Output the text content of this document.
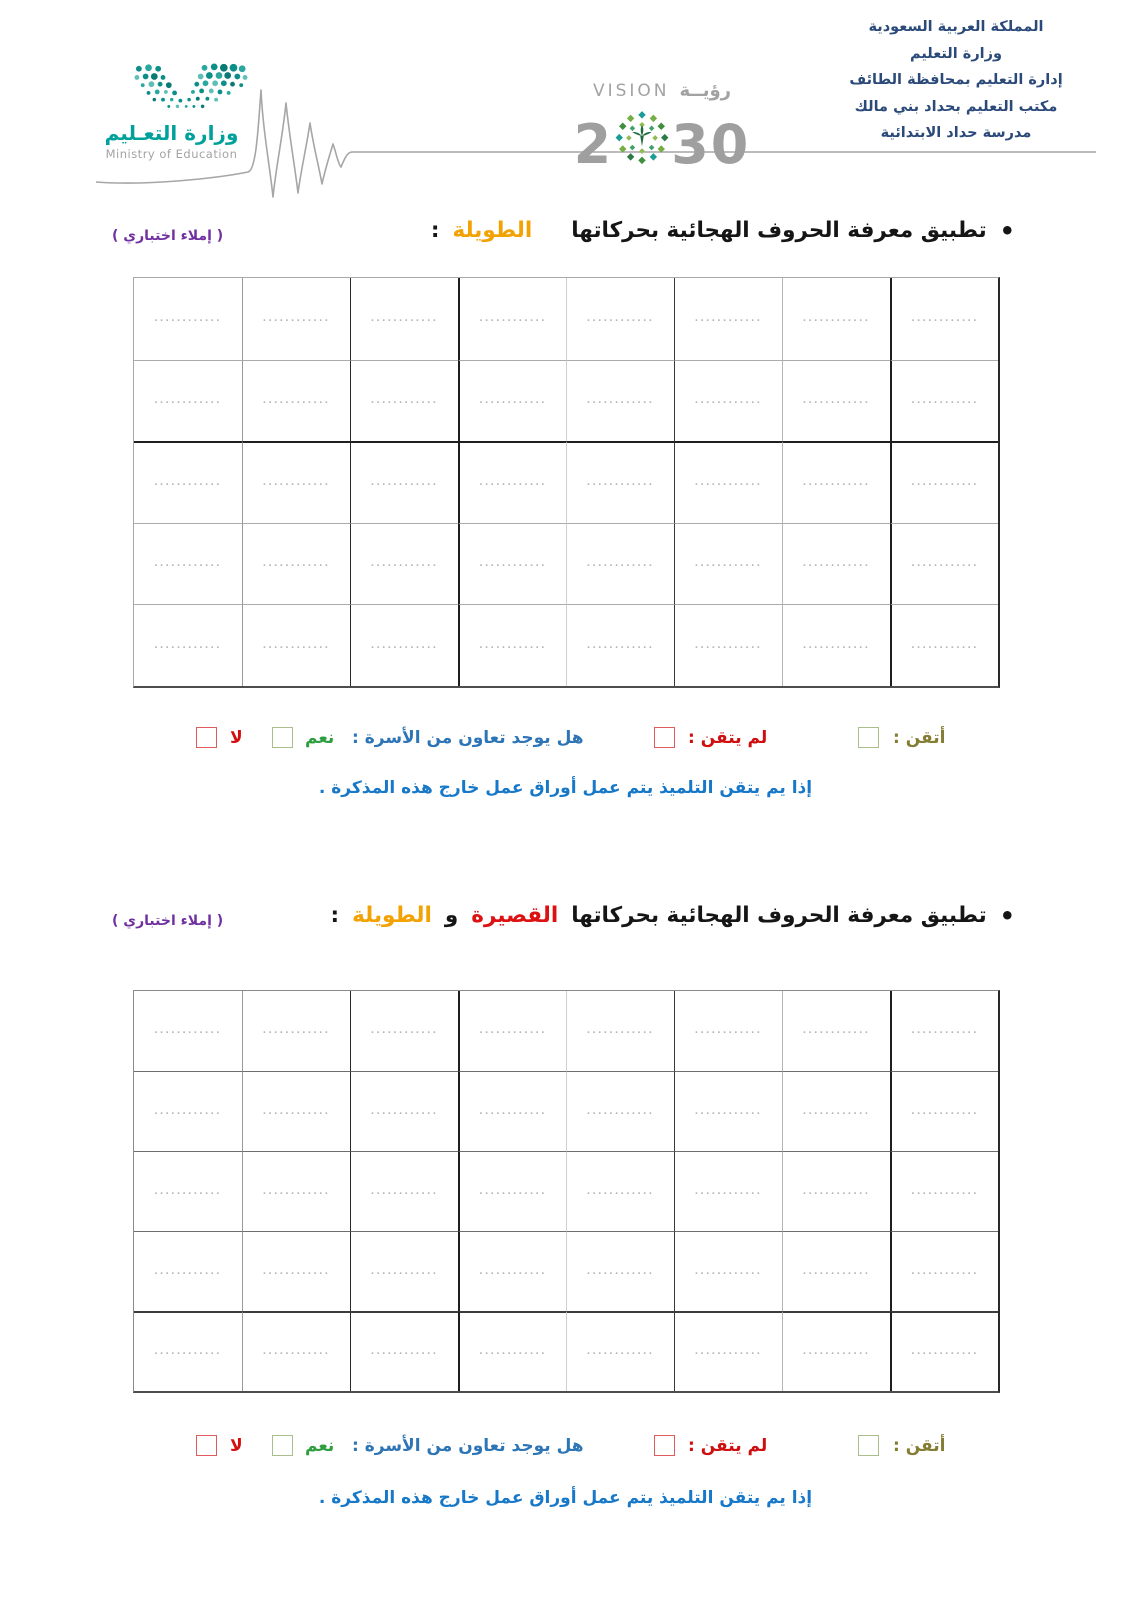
المملكة العربية السعودية
وزارة التعليم
إدارة التعليم بمحافظة الطائف
مكتب التعليم بحداد بني مالك
مدرسة حداد الابتدائية
وزارة التعـليم
Ministry of Education
VISION رؤيــة
2 30
•
تطبيق معرفة الحروف الهجائية بحركاتها
الطويلة
:
( إملاء اختباري )
............	............	............	............	............	............	............	............
............	............	............	............	............	............	............	............
............	............	............	............	............	............	............	............
............	............	............	............	............	............	............	............
............	............	............	............	............	............	............	............
أتقن :
لم يتقن :
هل يوجد تعاون من الأسرة :
نعم
لا
إذا يم يتقن التلميذ يتم عمل أوراق عمل خارج هذه المذكرة .
•
تطبيق معرفة الحروف الهجائية بحركاتها
القصيرة
و
الطويلة
:
( إملاء اختباري )
............	............	............	............	............	............	............	............
............	............	............	............	............	............	............	............
............	............	............	............	............	............	............	............
............	............	............	............	............	............	............	............
............	............	............	............	............	............	............	............
أتقن :
لم يتقن :
هل يوجد تعاون من الأسرة :
نعم
لا
إذا يم يتقن التلميذ يتم عمل أوراق عمل خارج هذه المذكرة .
